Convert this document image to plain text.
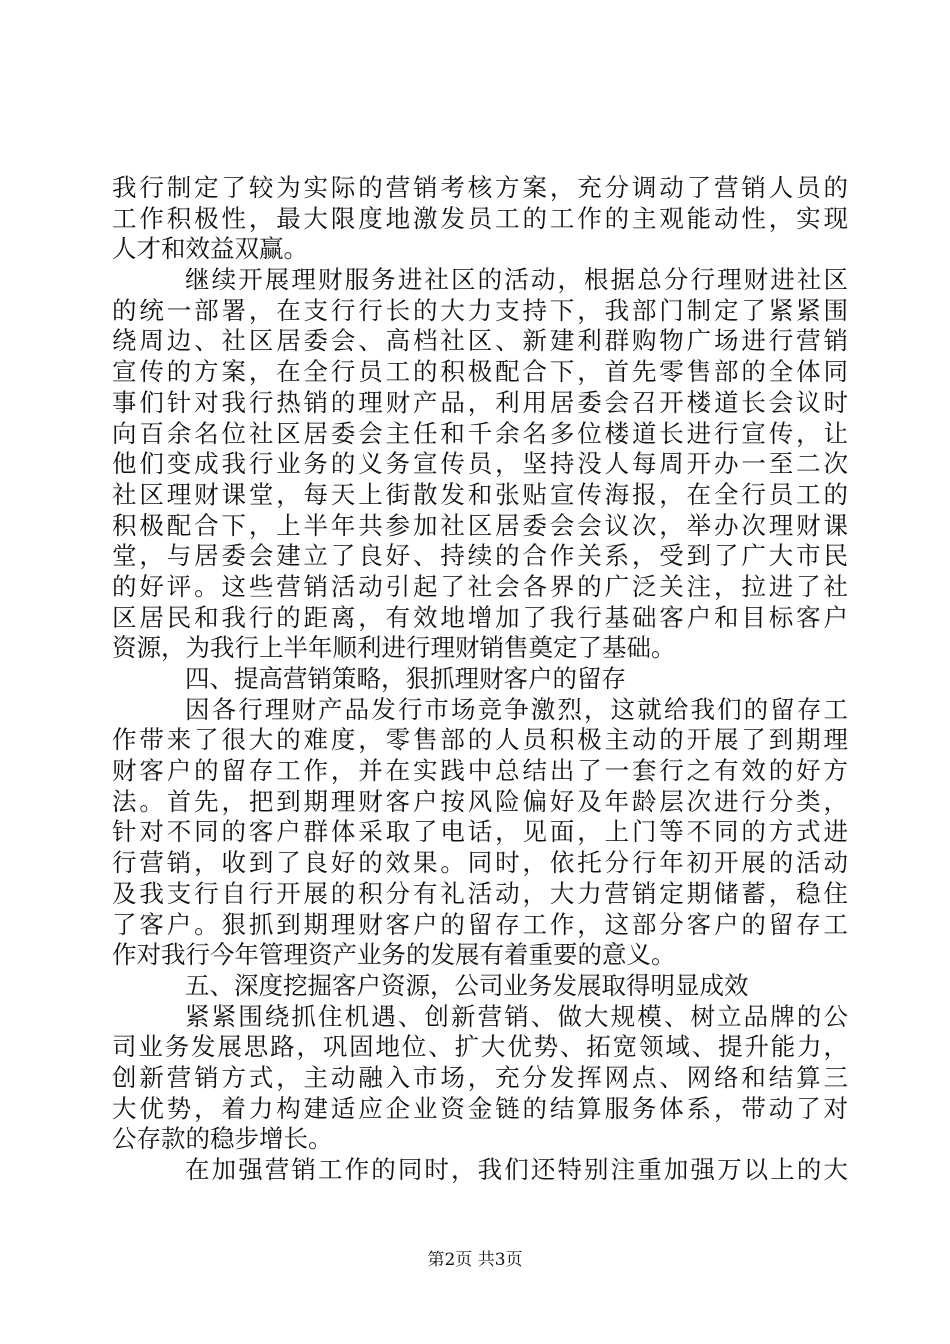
我行制定了较为实际的营销考核方案，充分调动了营销人员的
工作积极性，最大限度地激发员工的工作的主观能动性，实现
人才和效益双赢。
继续开展理财服务进社区的活动，根据总分行理财进社区
的统一部署，在支行行长的大力支持下，我部门制定了紧紧围
绕周边、社区居委会、高档社区、新建利群购物广场进行营销
宣传的方案，在全行员工的积极配合下，首先零售部的全体同
事们针对我行热销的理财产品，利用居委会召开楼道长会议时
向百余名位社区居委会主任和千余名多位楼道长进行宣传，让
他们变成我行业务的义务宣传员，坚持没人每周开办一至二次
社区理财课堂，每天上街散发和张贴宣传海报，在全行员工的
积极配合下，上半年共参加社区居委会会议次，举办次理财课
堂，与居委会建立了良好、持续的合作关系，受到了广大市民
的好评。这些营销活动引起了社会各界的广泛关注，拉进了社
区居民和我行的距离，有效地增加了我行基础客户和目标客户
资源，为我行上半年顺利进行理财销售奠定了基础。
四、提高营销策略，狠抓理财客户的留存
因各行理财产品发行市场竞争激烈，这就给我们的留存工
作带来了很大的难度，零售部的人员积极主动的开展了到期理
财客户的留存工作，并在实践中总结出了一套行之有效的好方
法。首先，把到期理财客户按风险偏好及年龄层次进行分类，
针对不同的客户群体采取了电话，见面，上门等不同的方式进
行营销，收到了良好的效果。同时，依托分行年初开展的活动
及我支行自行开展的积分有礼活动，大力营销定期储蓄，稳住
了客户。狠抓到期理财客户的留存工作，这部分客户的留存工
作对我行今年管理资产业务的发展有着重要的意义。
五、深度挖掘客户资源，公司业务发展取得明显成效
紧紧围绕抓住机遇、创新营销、做大规模、树立品牌的公
司业务发展思路，巩固地位、扩大优势、拓宽领域、提升能力，
创新营销方式，主动融入市场，充分发挥网点、网络和结算三
大优势，着力构建适应企业资金链的结算服务体系，带动了对
公存款的稳步增长。
在加强营销工作的同时，我们还特别注重加强万以上的大
第2页 共3页
